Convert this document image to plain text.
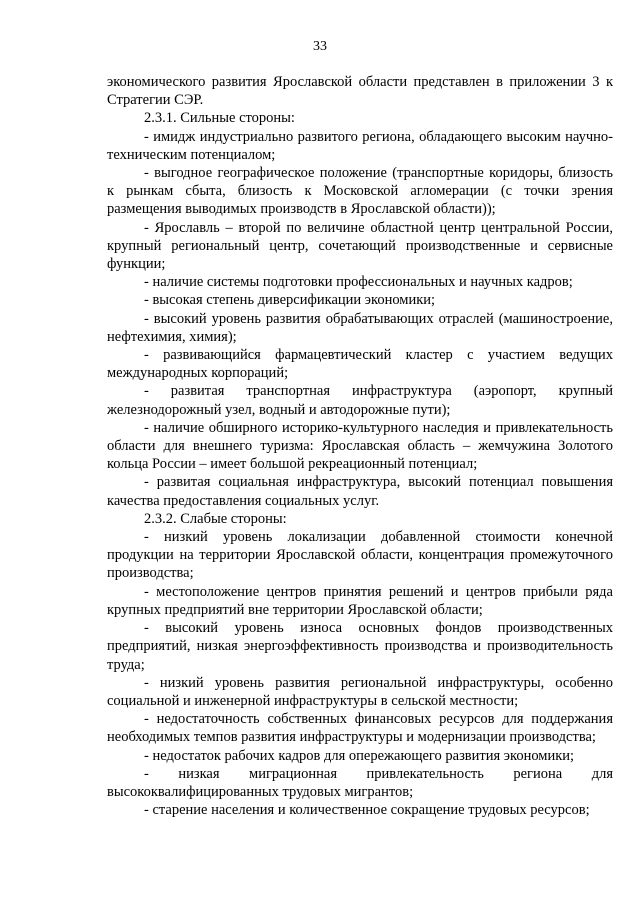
33

экономического развития Ярославской области представлен в приложении 3 к Стратегии СЭР.

2.3.1. Сильные стороны:

- имидж индустриально развитого региона, обладающего высоким научно-техническим потенциалом;

- выгодное географическое положение (транспортные коридоры, близость к рынкам сбыта, близость к Московской агломерации (с точки зрения размещения выводимых производств в Ярославской области));

- Ярославль – второй по величине областной центр центральной России, крупный региональный центр, сочетающий производственные и сервисные функции;

- наличие системы подготовки профессиональных и научных кадров;

- высокая степень диверсификации экономики;

- высокий уровень развития обрабатывающих отраслей (машиностроение, нефтехимия, химия);

- развивающийся фармацевтический кластер с участием ведущих международных корпораций;

- развитая транспортная инфраструктура (аэропорт, крупный железнодорожный узел, водный и автодорожные пути);

- наличие обширного историко-культурного наследия и привлекательность области для внешнего туризма: Ярославская область – жемчужина Золотого кольца России – имеет большой рекреационный потенциал;

- развитая социальная инфраструктура, высокий потенциал повышения качества предоставления социальных услуг.

2.3.2. Слабые стороны:

- низкий уровень локализации добавленной стоимости конечной продукции на территории Ярославской области, концентрация промежуточного производства;

- местоположение центров принятия решений и центров прибыли ряда крупных предприятий вне территории Ярославской области;

- высокий уровень износа основных фондов производственных предприятий, низкая энергоэффективность производства и производительность труда;

- низкий уровень развития региональной инфраструктуры, особенно социальной и инженерной инфраструктуры в сельской местности;

- недостаточность собственных финансовых ресурсов для поддержания необходимых темпов развития инфраструктуры и модернизации производства;

- недостаток рабочих кадров для опережающего развития экономики;

- низкая миграционная привлекательность региона для высококвалифицированных трудовых мигрантов;

- старение населения и количественное сокращение трудовых ресурсов;
